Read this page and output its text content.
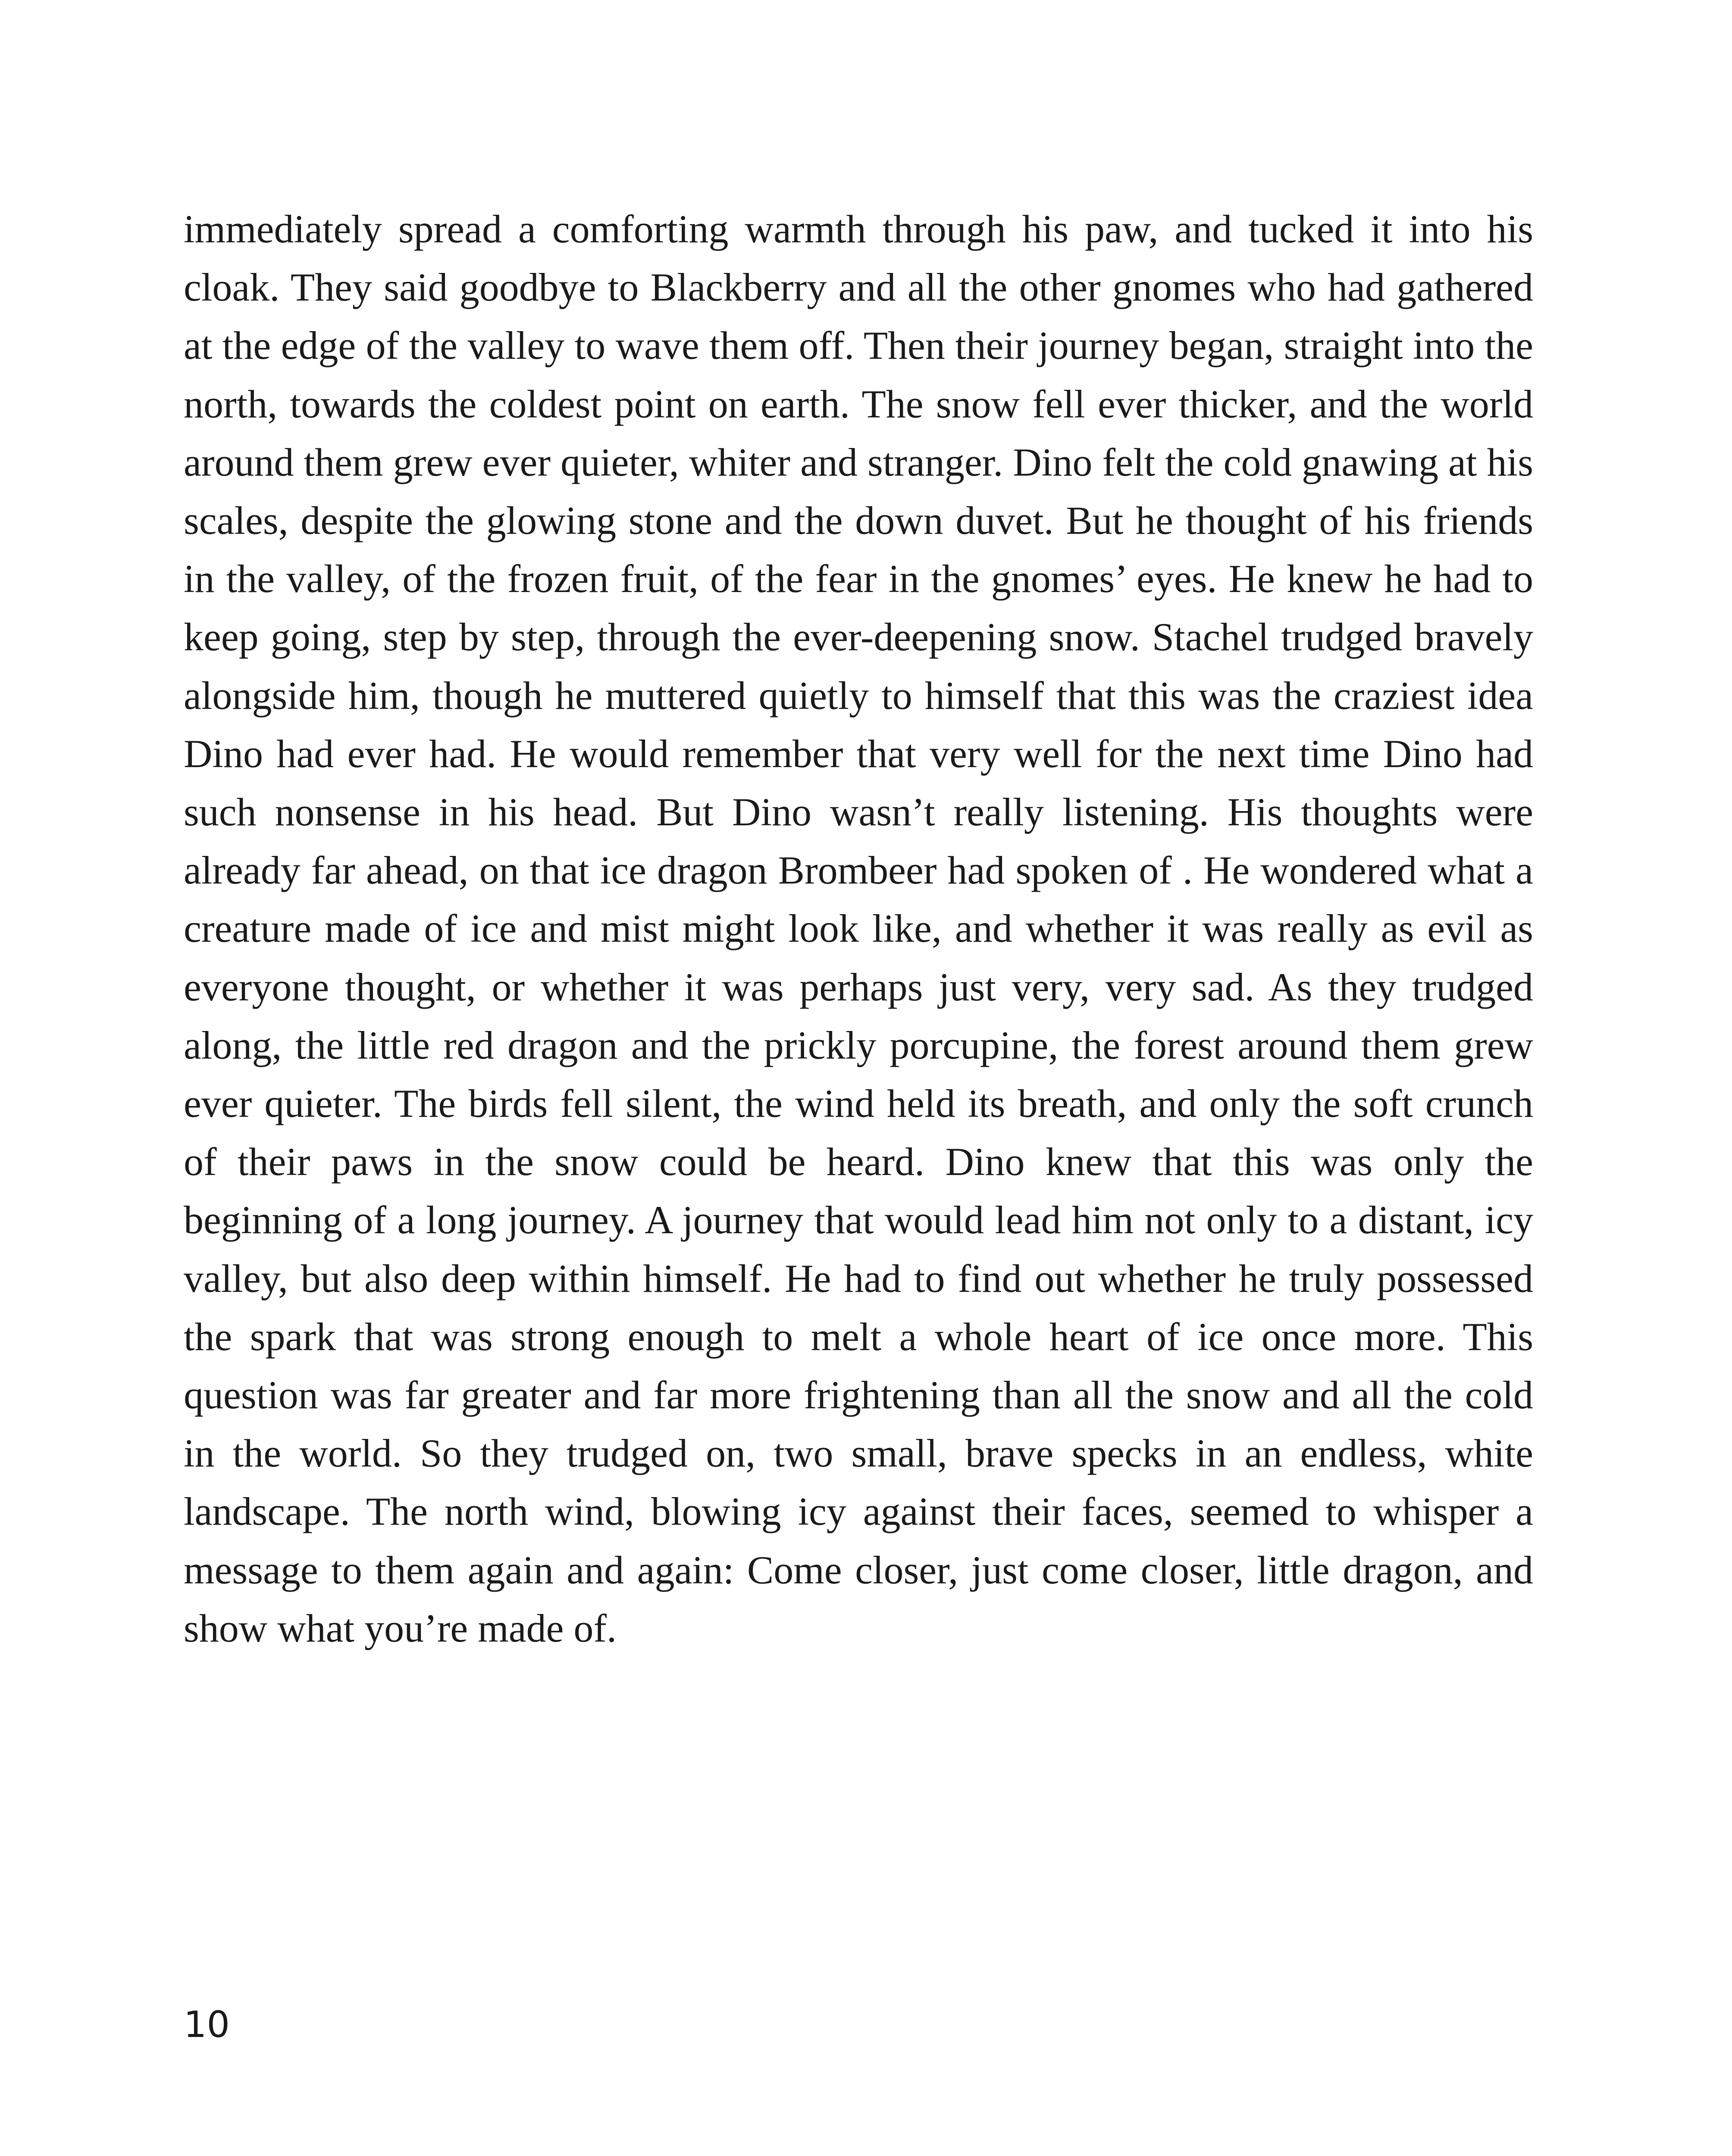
immediately spread a comforting warmth through his paw, and tucked it into his cloak. They said goodbye to Blackberry and all the other gnomes who had gathered at the edge of the valley to wave them off. Then their journey began, straight into the north, towards the coldest point on earth. The snow fell ever thicker, and the world around them grew ever quieter, whiter and stranger. Dino felt the cold gnawing at his scales, despite the glowing stone and the down duvet. But he thought of his friends in the valley, of the frozen fruit, of the fear in the gnomes’ eyes. He knew he had to keep going, step by step, through the ever-deepening snow. Stachel trudged bravely alongside him, though he muttered quietly to himself that this was the craziest idea Dino had ever had. He would remember that very well for the next time Dino had such nonsense in his head. But Dino wasn’t really listening. His thoughts were already far ahead, on that ice dragon Brombeer had spoken of . He wondered what a creature made of ice and mist might look like, and whether it was really as evil as everyone thought, or whether it was perhaps just very, very sad. As they trudged along, the little red dragon and the prickly porcupine, the forest around them grew ever quieter. The birds fell silent, the wind held its breath, and only the soft crunch of their paws in the snow could be heard. Dino knew that this was only the beginning of a long journey. A journey that would lead him not only to a distant, icy valley, but also deep within himself. He had to find out whether he truly possessed the spark that was strong enough to melt a whole heart of ice once more. This question was far greater and far more frightening than all the snow and all the cold in the world. So they trudged on, two small, brave specks in an endless, white landscape. The north wind, blowing icy against their faces, seemed to whisper a message to them again and again: Come closer, just come closer, little dragon, and show what you’re made of.

10
